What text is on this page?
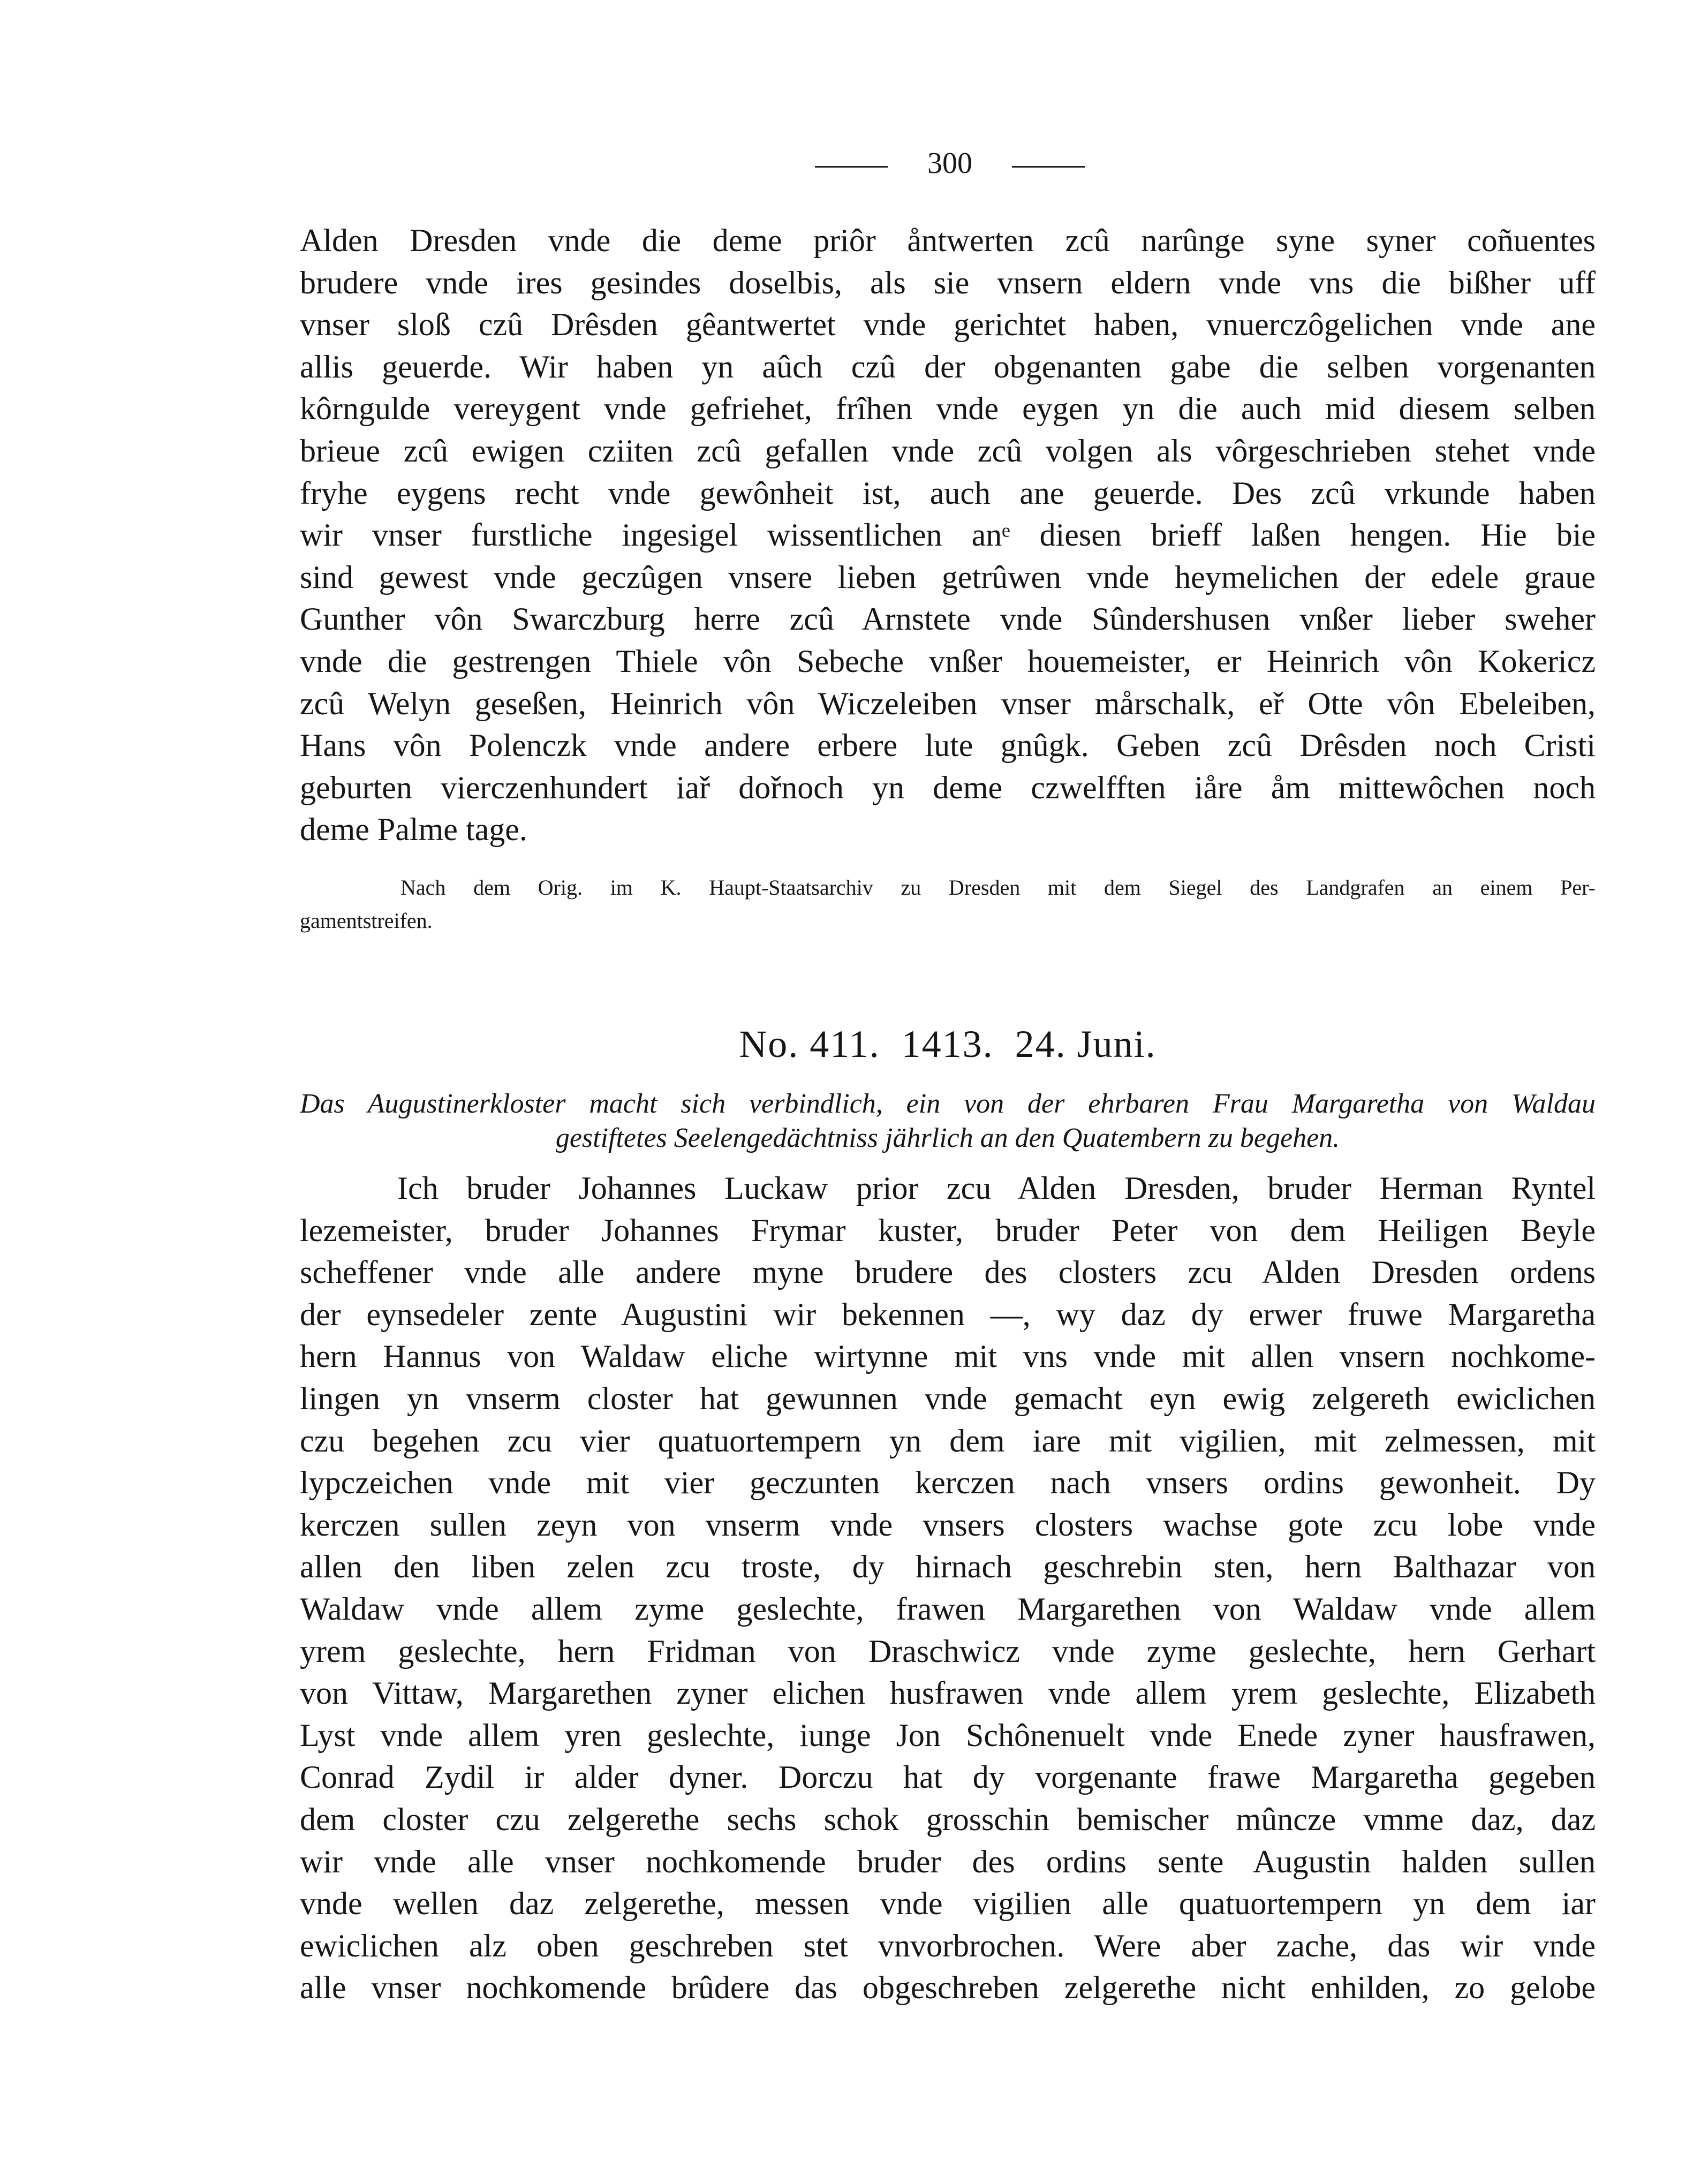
300
Alden Dresden vnde die deme priôr åntwerten zcû narûnge syne syner coñuentes
brudere vnde ires gesindes doselbis, als sie vnsern eldern vnde vns die bißher uff
vnser sloß czû Drêsden gêantwertet vnde gerichtet haben, vnuerczôgelichen vnde ane
allis geuerde. Wir haben yn aûch czû der obgenanten gabe die selben vorgenanten
kôrngulde vereygent vnde gefriehet, frîhen vnde eygen yn die auch mid diesem selben
brieue zcû ewigen cziiten zcû gefallen vnde zcû volgen als vôrgeschrieben stehet vnde
fryhe eygens recht vnde gewônheit ist, auch ane geuerde. Des zcû vrkunde haben
wir vnser furstliche ingesigel wissentlichen anᵉ diesen brieff laßen hengen. Hie bie
sind gewest vnde geczûgen vnsere lieben getrûwen vnde heymelichen der edele graue
Gunther vôn Swarczburg herre zcû Arnstete vnde Sûndershusen vnßer lieber sweher
vnde die gestrengen Thiele vôn Sebeche vnßer houemeister, er Heinrich vôn Kokericz
zcû Welyn geseßen, Heinrich vôn Wiczeleiben vnser mårschalk, eř Otte vôn Ebeleiben,
Hans vôn Polenczk vnde andere erbere lute gnûgk. Geben zcû Drêsden noch Cristi
geburten vierczenhundert iař dořnoch yn deme czwelfften iåre åm mittewôchen noch
deme Palme tage.
Nach dem Orig. im K. Haupt-Staatsarchiv zu Dresden mit dem Siegel des Landgrafen an einem Per-
gamentstreifen.
No. 411. 1413. 24. Juni.
Das Augustinerkloster macht sich verbindlich, ein von der ehrbaren Frau Margaretha von Waldau
gestiftetes Seelengedächtniss jährlich an den Quatembern zu begehen.
Ich bruder Johannes Luckaw prior zcu Alden Dresden, bruder Herman Ryntel
lezemeister, bruder Johannes Frymar kuster, bruder Peter von dem Heiligen Beyle
scheffener vnde alle andere myne brudere des closters zcu Alden Dresden ordens
der eynsedeler zente Augustini wir bekennen —, wy daz dy erwer fruwe Margaretha
hern Hannus von Waldaw eliche wirtynne mit vns vnde mit allen vnsern nochkome-
lingen yn vnserm closter hat gewunnen vnde gemacht eyn ewig zelgereth ewiclichen
czu begehen zcu vier quatuortempern yn dem iare mit vigilien, mit zelmessen, mit
lypczeichen vnde mit vier geczunten kerczen nach vnsers ordins gewonheit. Dy
kerczen sullen zeyn von vnserm vnde vnsers closters wachse gote zcu lobe vnde
allen den liben zelen zcu troste, dy hirnach geschrebin sten, hern Balthazar von
Waldaw vnde allem zyme geslechte, frawen Margarethen von Waldaw vnde allem
yrem geslechte, hern Fridman von Draschwicz vnde zyme geslechte, hern Gerhart
von Vittaw, Margarethen zyner elichen husfrawen vnde allem yrem geslechte, Elizabeth
Lyst vnde allem yren geslechte, iunge Jon Schônenuelt vnde Enede zyner hausfrawen,
Conrad Zydil ir alder dyner. Dorczu hat dy vorgenante frawe Margaretha gegeben
dem closter czu zelgerethe sechs schok grosschin bemischer mûncze vmme daz, daz
wir vnde alle vnser nochkomende bruder des ordins sente Augustin halden sullen
vnde wellen daz zelgerethe, messen vnde vigilien alle quatuortempern yn dem iar
ewiclichen alz oben geschreben stet vnvorbrochen. Were aber zache, das wir vnde
alle vnser nochkomende brûdere das obgeschreben zelgerethe nicht enhilden, zo gelobe
